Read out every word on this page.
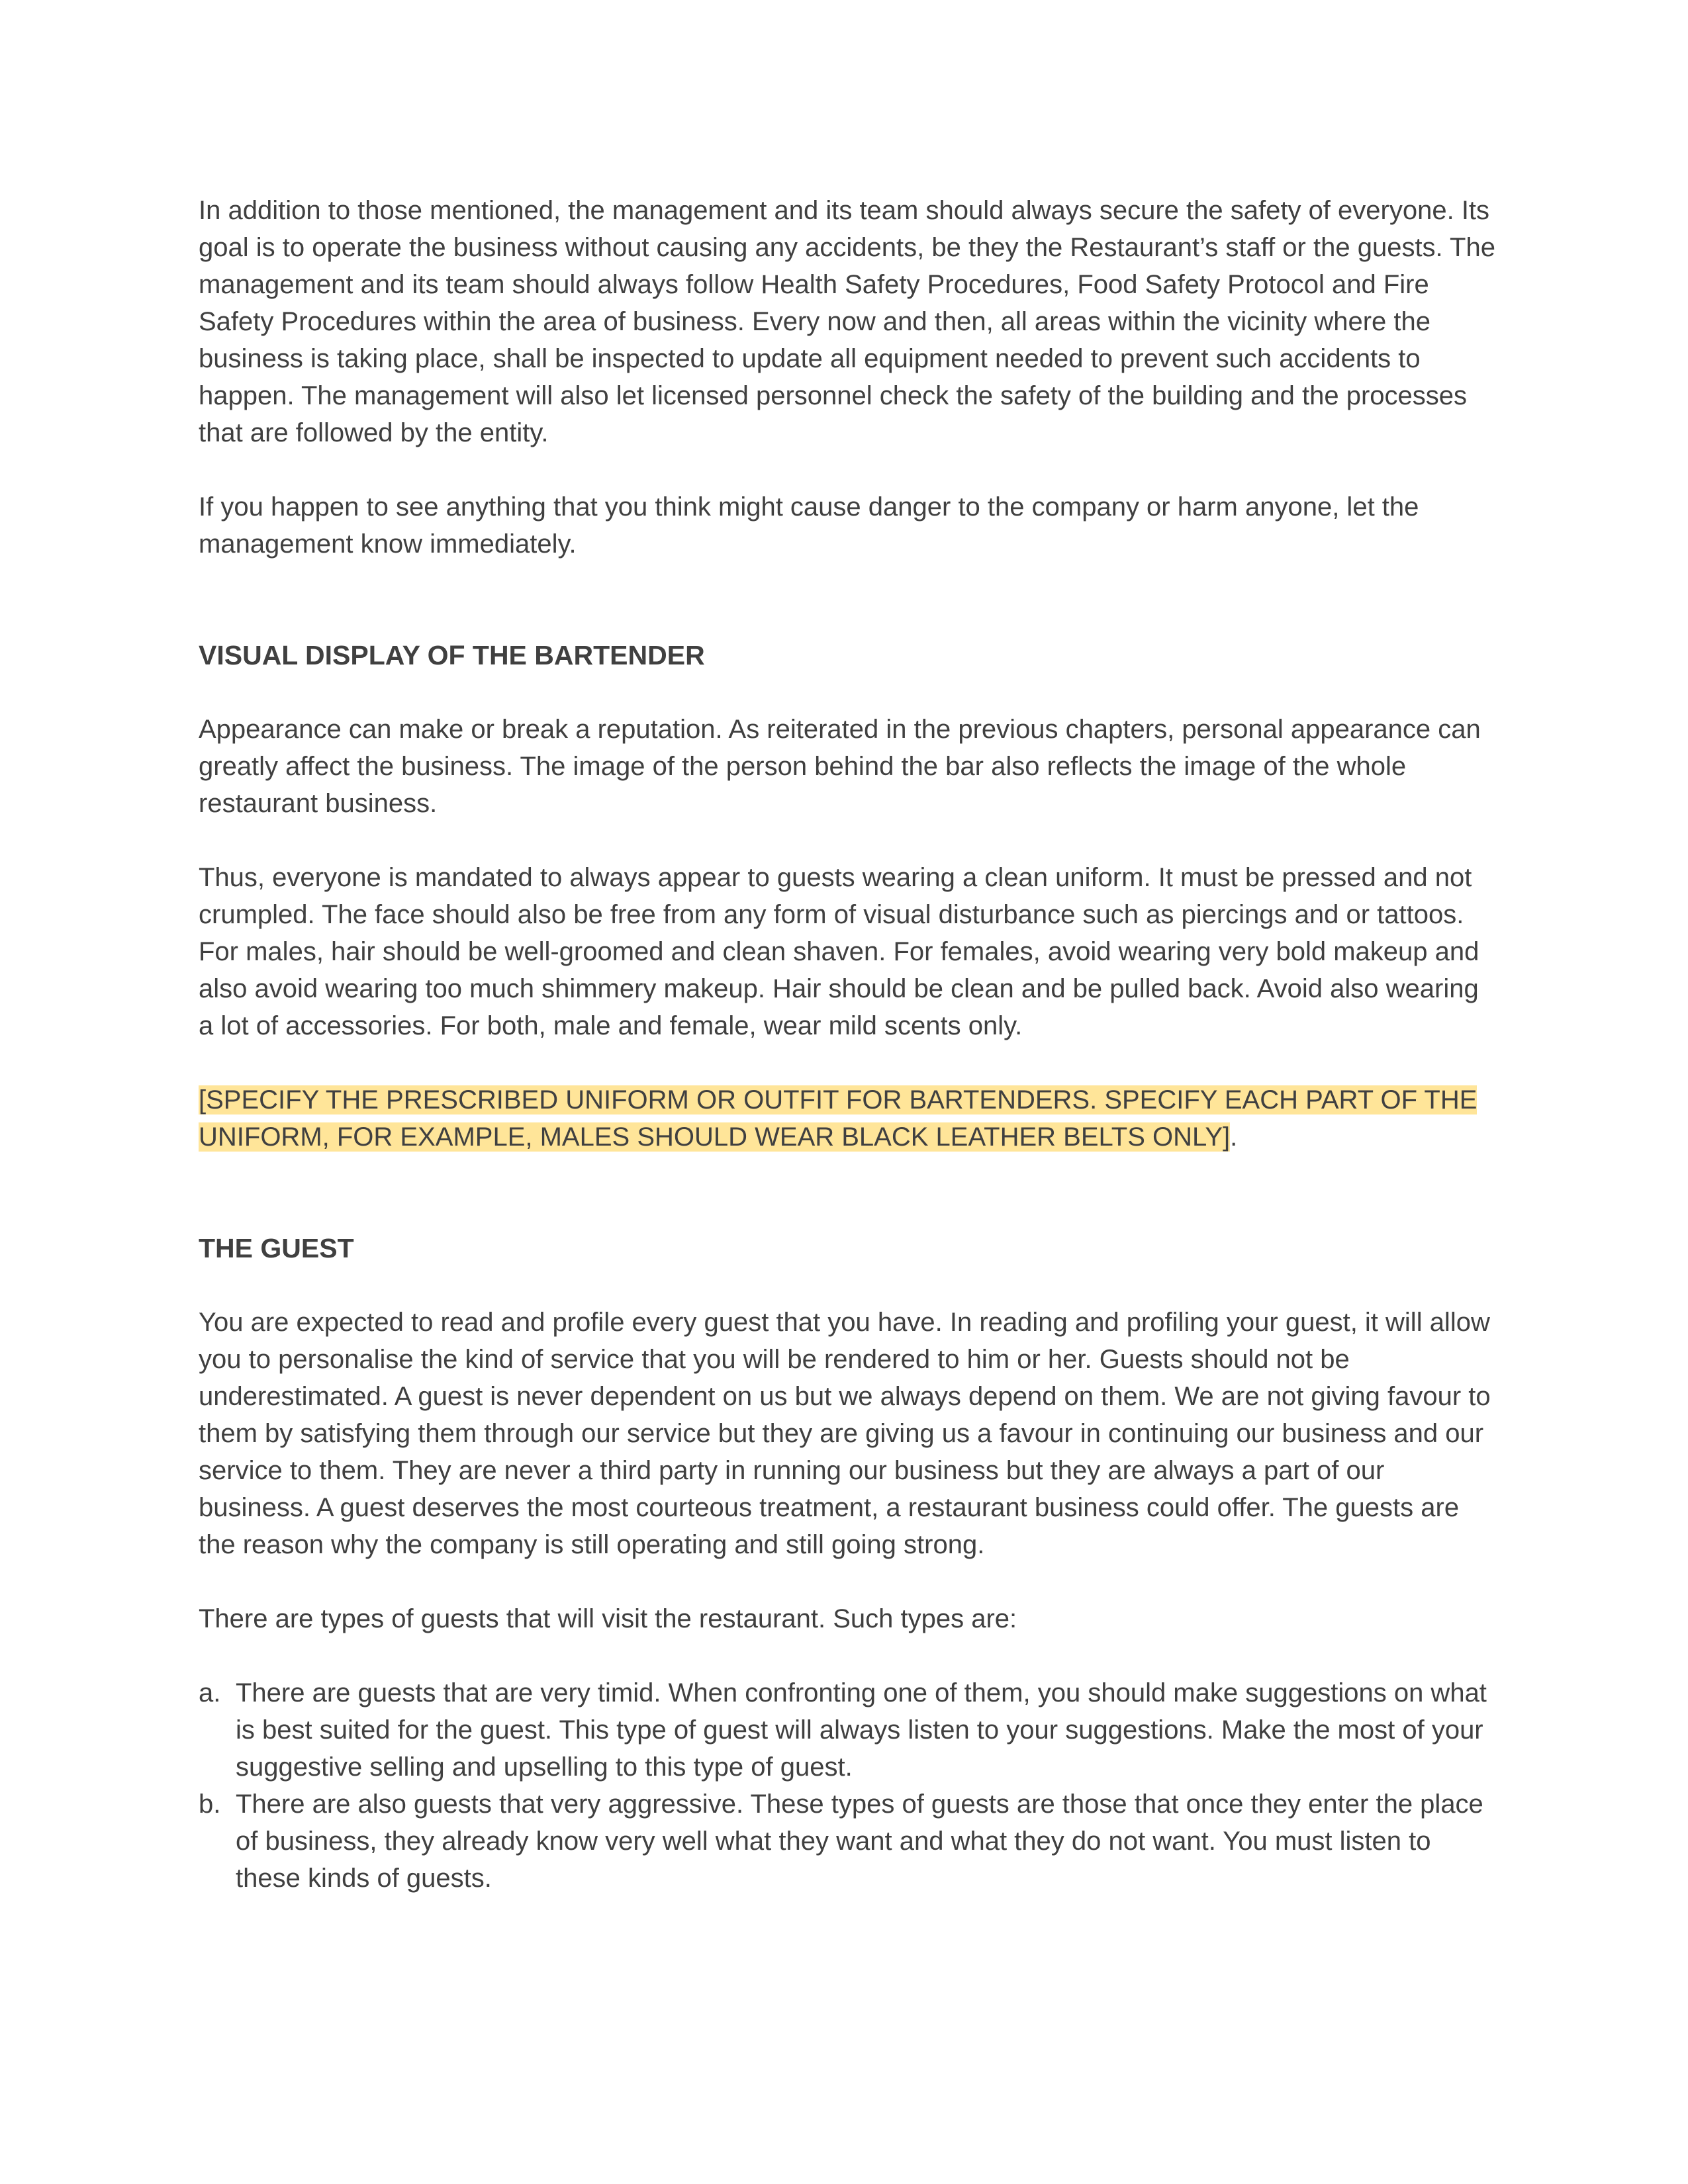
In addition to those mentioned, the management and its team should always secure the safety of everyone. Its goal is to operate the business without causing any accidents, be they the Restaurant’s staff or the guests. The management and its team should always follow Health Safety Procedures, Food Safety Protocol and Fire Safety Procedures within the area of business. Every now and then, all areas within the vicinity where the business is taking place, shall be inspected to update all equipment needed to prevent such accidents to happen. The management will also let licensed personnel check the safety of the building and the processes that are followed by the entity.

If you happen to see anything that you think might cause danger to the company or harm anyone, let the management know immediately.

VISUAL DISPLAY OF THE BARTENDER

Appearance can make or break a reputation. As reiterated in the previous chapters, personal appearance can greatly affect the business. The image of the person behind the bar also reflects the image of the whole restaurant business.

Thus, everyone is mandated to always appear to guests wearing a clean uniform. It must be pressed and not crumpled. The face should also be free from any form of visual disturbance such as piercings and or tattoos. For males, hair should be well-groomed and clean shaven. For females, avoid wearing very bold makeup and also avoid wearing too much shimmery makeup. Hair should be clean and be pulled back. Avoid also wearing a lot of accessories. For both, male and female, wear mild scents only.

[SPECIFY THE PRESCRIBED UNIFORM OR OUTFIT FOR BARTENDERS. SPECIFY EACH PART OF THE UNIFORM, FOR EXAMPLE, MALES SHOULD WEAR BLACK LEATHER BELTS ONLY].

THE GUEST

You are expected to read and profile every guest that you have. In reading and profiling your guest, it will allow you to personalise the kind of service that you will be rendered to him or her. Guests should not be underestimated. A guest is never dependent on us but we always depend on them. We are not giving favour to them by satisfying them through our service but they are giving us a favour in continuing our business and our service to them. They are never a third party in running our business but they are always a part of our business. A guest deserves the most courteous treatment, a restaurant business could offer. The guests are the reason why the company is still operating and still going strong.

There are types of guests that will visit the restaurant. Such types are:

a. There are guests that are very timid. When confronting one of them, you should make suggestions on what is best suited for the guest. This type of guest will always listen to your suggestions. Make the most of your suggestive selling and upselling to this type of guest.
b. There are also guests that very aggressive. These types of guests are those that once they enter the place of business, they already know very well what they want and what they do not want. You must listen to these kinds of guests.
